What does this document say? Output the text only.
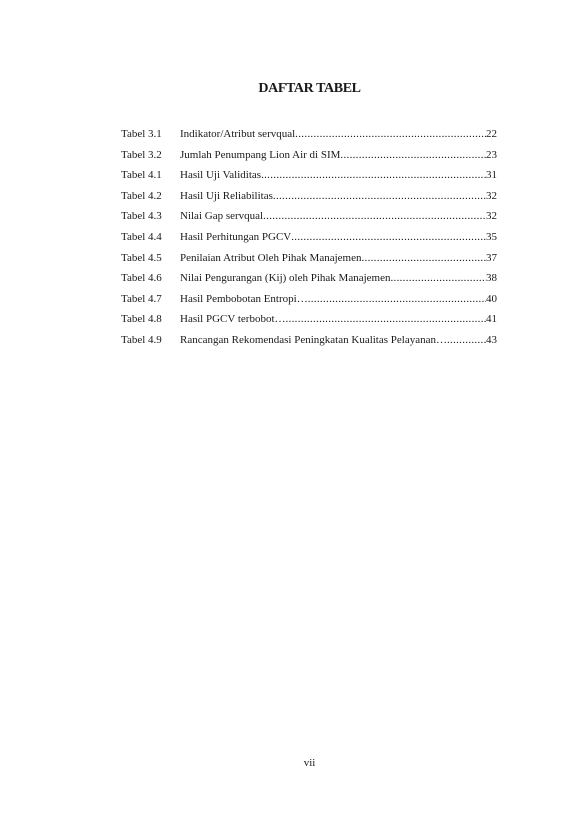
DAFTAR TABEL
Tabel 3.1	Indikator/Atribut servqual .....	22
Tabel 3.2	Jumlah Penumpang Lion Air di SIM .....	23
Tabel 4.1	Hasil Uji Validitas .....	31
Tabel 4.2	Hasil Uji Reliabilitas .....	32
Tabel 4.3	Nilai Gap servqual .....	32
Tabel 4.4	Hasil Perhitungan PGCV .....	35
Tabel 4.5	Penilaian Atribut Oleh Pihak Manajemen .....	37
Tabel 4.6	Nilai Pengurangan (Kij) oleh Pihak Manajemen .....	38
Tabel 4.7	Hasil Pembobotan Entropi… .....	40
Tabel 4.8	Hasil PGCV terbobot… .....	41
Tabel 4.9	Rancangan Rekomendasi Peningkatan Kualitas Pelayanan… .....	43
vii
